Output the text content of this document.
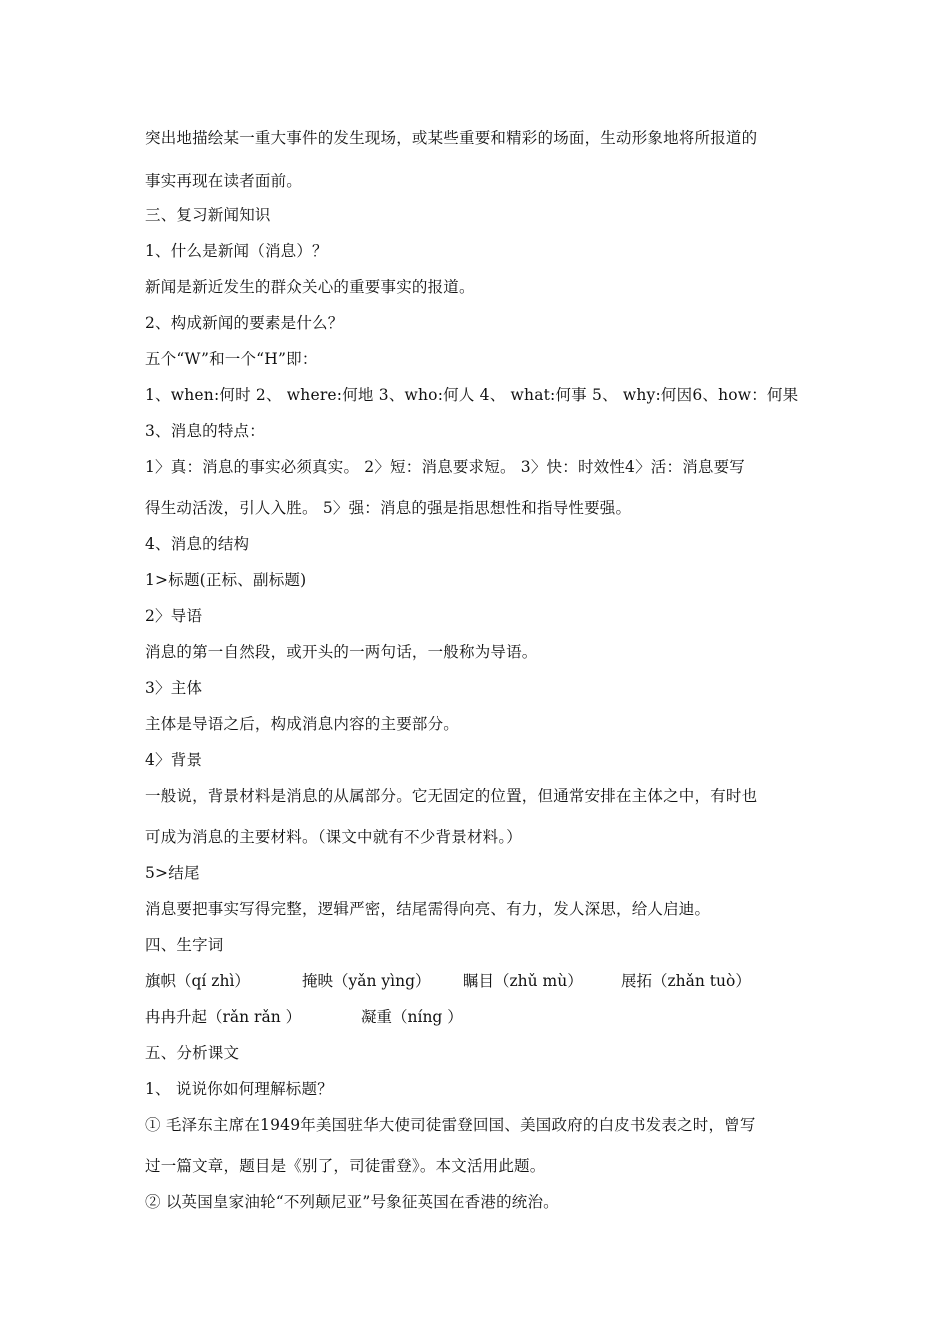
突出地描绘某一重大事件的发生现场，或某些重要和精彩的场面，生动形象地将所报道的
事实再现在读者面前。
三、复习新闻知识
1、什么是新闻（消息）？
新闻是新近发生的群众关心的重要事实的报道。
2、构成新闻的要素是什么？
五个“W”和一个“H”即：
1、when:何时 2、 where:何地 3、who:何人 4、 what:何事 5、 why:何因6、how：何果
3、消息的特点：
1〉真：消息的事实必须真实。 2〉短：消息要求短。 3〉快：时效性4〉活：消息要写
得生动活泼，引人入胜。 5〉强：消息的强是指思想性和指导性要强。
4、消息的结构
1>标题(正标、副标题)
2〉导语
消息的第一自然段，或开头的一两句话，一般称为导语。
3〉主体
主体是导语之后，构成消息内容的主要部分。
4〉背景
一般说，背景材料是消息的从属部分。它无固定的位置，但通常安排在主体之中，有时也
可成为消息的主要材料。（课文中就有不少背景材料。）
5>结尾
消息要把事实写得完整，逻辑严密，结尾需得向亮、有力，发人深思，给人启迪。
四、生字词
旗帜（qí zhì）	掩映（yǎn yìng） 瞩目（zhǔ mù） 展拓（zhǎn tuò）
冉冉升起（rǎn rǎn ）	凝重（níng ）
五、分析课文
1、 说说你如何理解标题？
① 毛泽东主席在1949年美国驻华大使司徒雷登回国、美国政府的白皮书发表之时，曾写
过一篇文章，题目是《别了，司徒雷登》。本文活用此题。
② 以英国皇家油轮“不列颠尼亚”号象征英国在香港的统治。
